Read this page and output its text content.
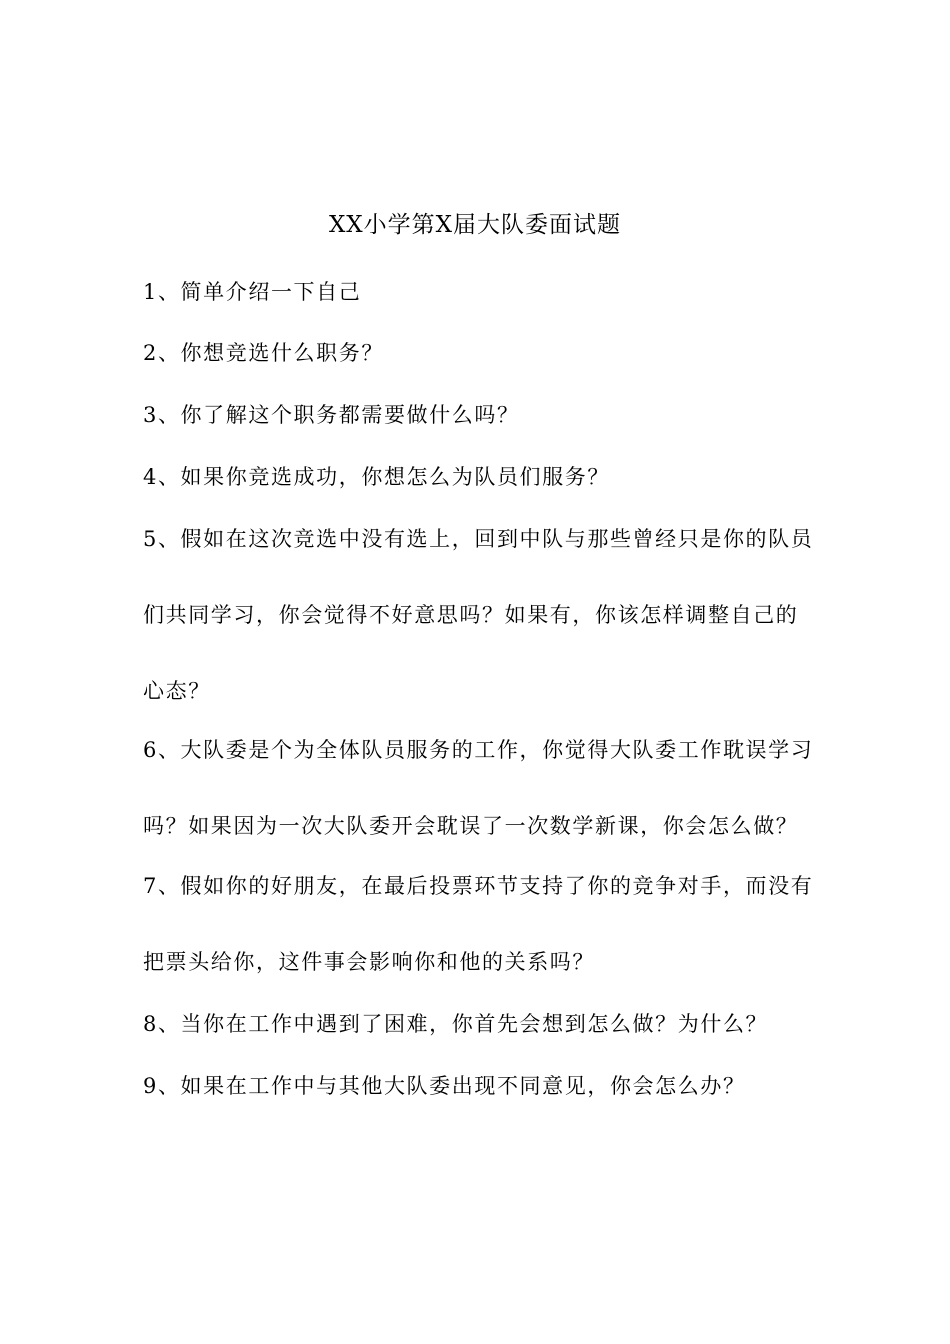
XX小学第X届大队委面试题
1、简单介绍一下自己
2、你想竞选什么职务？
3、你了解这个职务都需要做什么吗？
4、如果你竞选成功，你想怎么为队员们服务？
5、假如在这次竞选中没有选上，回到中队与那些曾经只是你的队员
们共同学习，你会觉得不好意思吗？如果有，你该怎样调整自己的
心态？
6、大队委是个为全体队员服务的工作，你觉得大队委工作耽误学习
吗？如果因为一次大队委开会耽误了一次数学新课，你会怎么做？
7、假如你的好朋友，在最后投票环节支持了你的竞争对手，而没有
把票头给你，这件事会影响你和他的关系吗？
8、当你在工作中遇到了困难，你首先会想到怎么做？为什么？
9、如果在工作中与其他大队委出现不同意见，你会怎么办？
